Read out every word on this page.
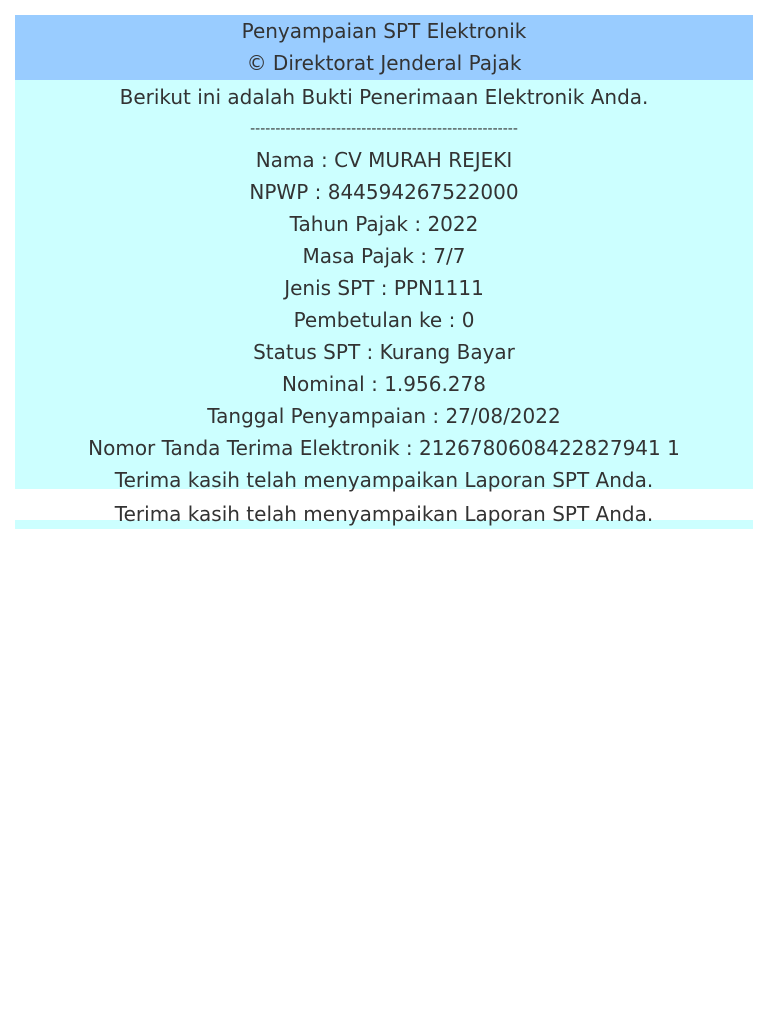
Penyampaian SPT Elektronik
© Direktorat Jenderal Pajak
Berikut ini adalah Bukti Penerimaan Elektronik Anda.
-----------------------------------------------------
Nama : CV MURAH REJEKI
NPWP : 844594267522000
Tahun Pajak : 2022
Masa Pajak : 7/7
Jenis SPT : PPN1111
Pembetulan ke : 0
Status SPT : Kurang Bayar
Nominal : 1.956.278
Tanggal Penyampaian : 27/08/2022
Nomor Tanda Terima Elektronik : 2126780608422827941 1
Terima kasih telah menyampaikan Laporan SPT Anda.
Terima kasih telah menyampaikan Laporan SPT Anda.
